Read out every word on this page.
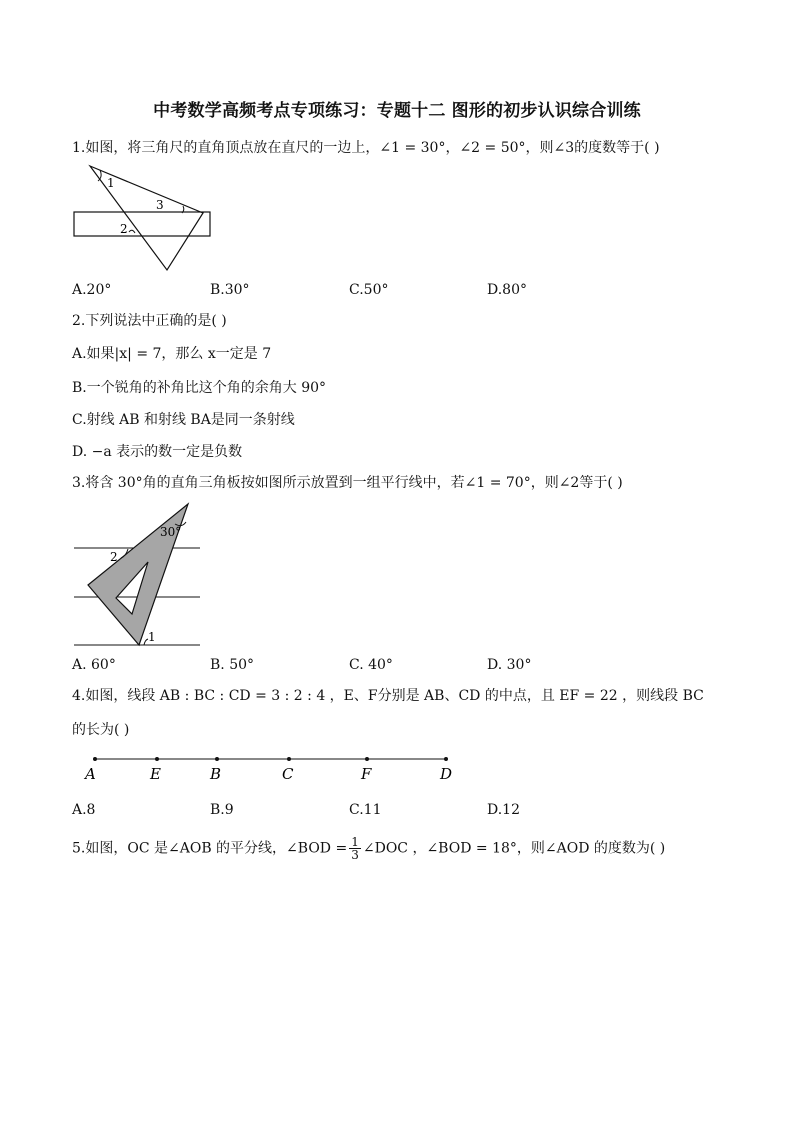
中考数学高频考点专项练习：专题十二 图形的初步认识综合训练
1.如图，将三角尺的直角顶点放在直尺的一边上，∠1 = 30°，∠2 = 50°，则∠3的度数等于( )
1
2
3
A.20°	B.30°	C.50°	D.80°
2.下列说法中正确的是( )
A.如果|x| = 7，那么 x一定是 7
B.一个锐角的补角比这个角的余角大 90°
C.射线 AB 和射线 BA是同一条射线
D. −a 表示的数一定是负数
3.将含 30°角的直角三角板按如图所示放置到一组平行线中，若∠1 = 70°，则∠2等于( )
30°
2
1
A. 60°	B. 50°	C. 40°	D. 30°
4.如图，线段 AB : BC : CD = 3 : 2 : 4 ，E、F分别是 AB、CD 的中点，且 EF = 22 ，则线段 BC
的长为( )
A	E	B	C	F	D
A.8	B.9	C.11	D.12
5.如图，OC 是∠AOB 的平分线，∠BOD = $\frac{1}{3}$ ∠DOC ，∠BOD = 18°，则∠AOD 的度数为( )
